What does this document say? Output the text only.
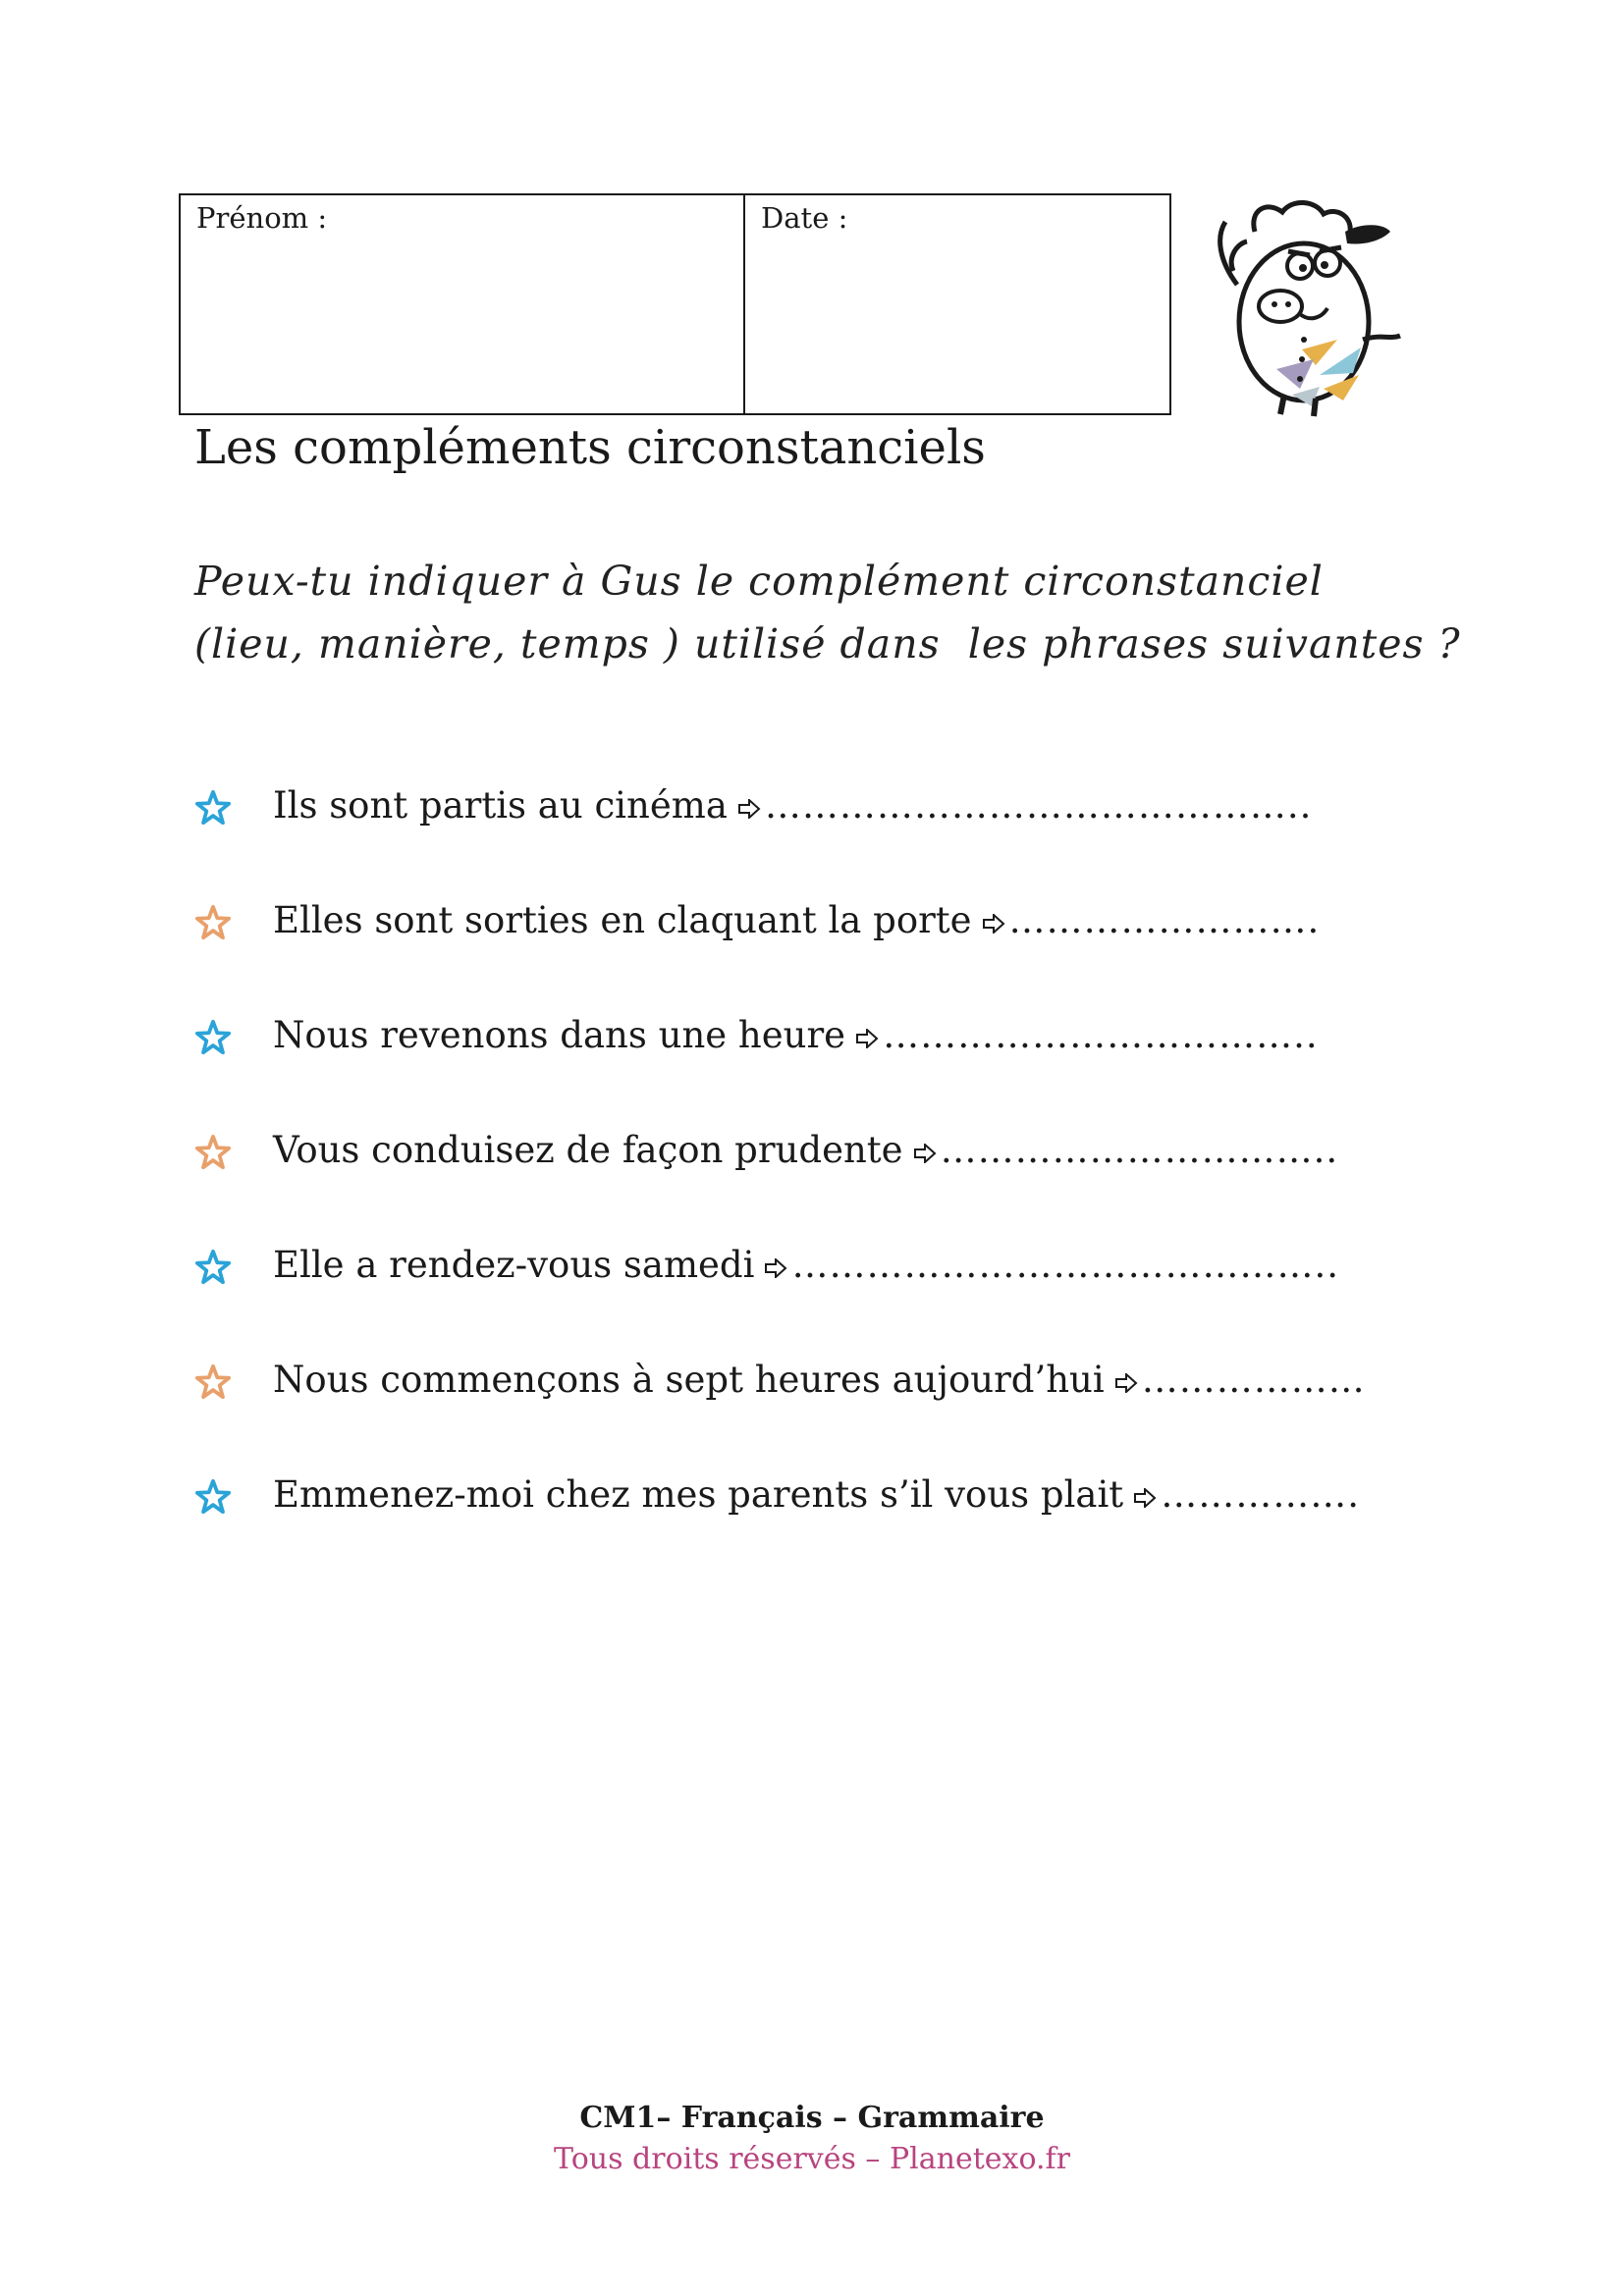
Prénom :	Date :
Les compléments circonstanciels
Peux-tu indiquer à Gus le complément circonstanciel
(lieu, manière, temps ) utilisé dans  les phrases suivantes ?
Ils sont partis au cinéma ……………………………………..
Elles sont sorties en claquant la porte …………………….
Nous revenons dans une heure ……………………………..
Vous conduisez de façon prudente …………………………..
Elle a rendez-vous samedi ……………………………………..
Nous commençons à sept heures aujourd’hui ………………
Emmenez-moi chez mes parents s’il vous plait …………….
CM1– Français – Grammaire
Tous droits réservés – Planetexo.fr
